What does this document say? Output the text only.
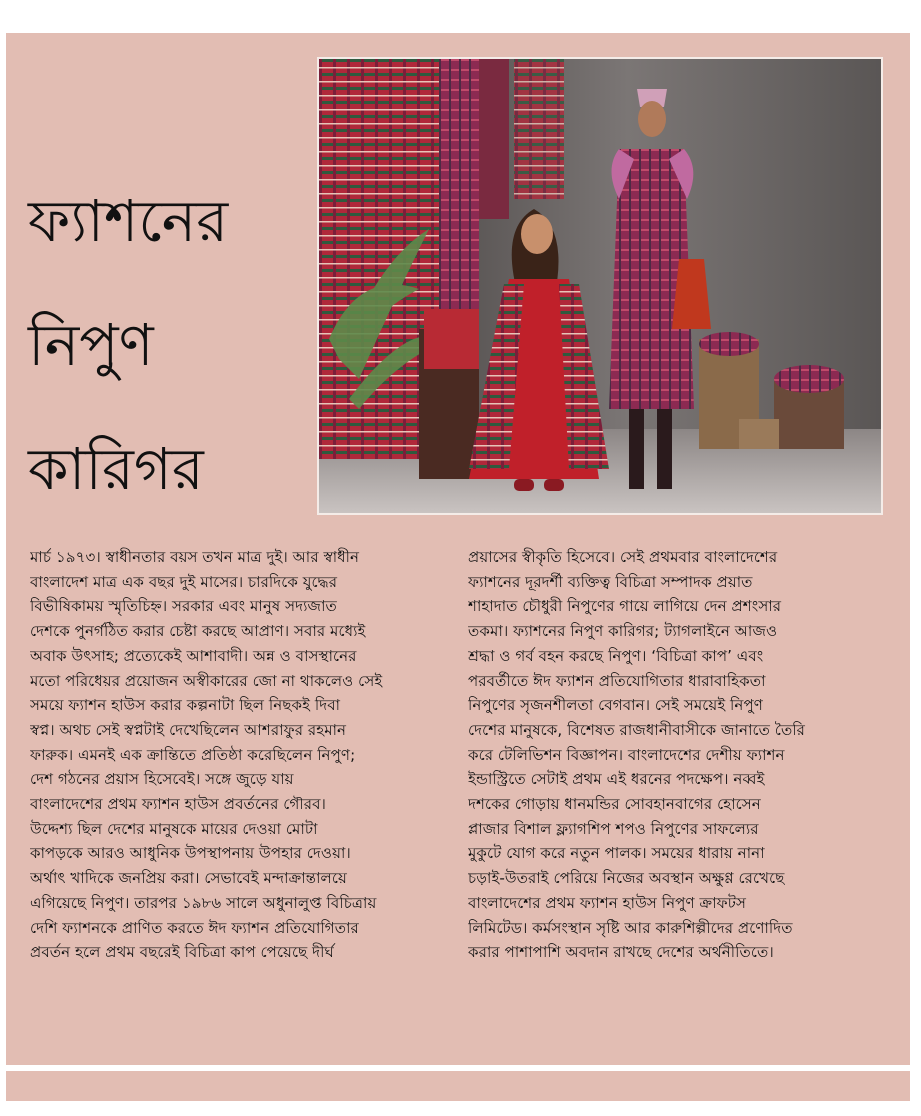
ফ্যাশনের
নিপুণ
কারিগর
মার্চ ১৯৭৩। স্বাধীনতার বয়স তখন মাত্র দুই। আর স্বাধীন
বাংলাদেশ মাত্র এক বছর দুই মাসের। চারদিকে যুদ্ধের
বিভীষিকাময় স্মৃতিচিহ্ন। সরকার এবং মানুষ সদ্যজাত
দেশকে পুনর্গঠিত করার চেষ্টা করছে আপ্রাণ। সবার মধ্যেই
অবাক উৎসাহ; প্রত্যেকেই আশাবাদী। অন্ন ও বাসস্থানের
মতো পরিধেয়র প্রয়োজন অস্বীকারের জো না থাকলেও সেই
সময়ে ফ্যাশন হাউস করার কল্পনাটা ছিল নিছকই দিবা
স্বপ্ন। অথচ সেই স্বপ্নটাই দেখেছিলেন আশরাফুর রহমান
ফারুক। এমনই এক ক্রান্তিতে প্রতিষ্ঠা করেছিলেন নিপুণ;
দেশ গঠনের প্রয়াস হিসেবেই। সঙ্গে জুড়ে যায়
বাংলাদেশের প্রথম ফ্যাশন হাউস প্রবর্তনের গৌরব।
উদ্দেশ্য ছিল দেশের মানুষকে মায়ের দেওয়া মোটা
কাপড়কে আরও আধুনিক উপস্থাপনায় উপহার দেওয়া।
অর্থাৎ খাদিকে জনপ্রিয় করা। সেভাবেই মন্দাক্রান্তালয়ে
এগিয়েছে নিপুণ। তারপর ১৯৮৬ সালে অধুনালুপ্ত বিচিত্রায়
দেশি ফ্যাশনকে প্রাণিত করতে ঈদ ফ্যাশন প্রতিযোগিতার
প্রবর্তন হলে প্রথম বছরেই বিচিত্রা কাপ পেয়েছে দীর্ঘ
প্রয়াসের স্বীকৃতি হিসেবে। সেই প্রথমবার বাংলাদেশের
ফ্যাশনের দূরদর্শী ব্যক্তিত্ব বিচিত্রা সম্পাদক প্রয়াত
শাহাদাত চৌধুরী নিপুণের গায়ে লাগিয়ে দেন প্রশংসার
তকমা। ফ্যাশনের নিপুণ কারিগর; ট্যাগলাইনে আজও
শ্রদ্ধা ও গর্ব বহন করছে নিপুণ। ‘বিচিত্রা কাপ’ এবং
পরবর্তীতে ঈদ ফ্যাশন প্রতিযোগিতার ধারাবাহিকতা
নিপুণের সৃজনশীলতা বেগবান। সেই সময়েই নিপুণ
দেশের মানুষকে, বিশেষত রাজধানীবাসীকে জানাতে তৈরি
করে টেলিভিশন বিজ্ঞাপন। বাংলাদেশের দেশীয় ফ্যাশন
ইন্ডাস্ট্রিতে সেটাই প্রথম এই ধরনের পদক্ষেপ। নব্বই
দশকের গোড়ায় ধানমন্ডির সোবহানবাগের হোসেন
প্লাজার বিশাল ফ্ল্যাগশিপ শপও নিপুণের সাফল্যের
মুকুটে যোগ করে নতুন পালক। সময়ের ধারায় নানা
চড়াই-উতরাই পেরিয়ে নিজের অবস্থান অক্ষুণ্ণ রেখেছে
বাংলাদেশের প্রথম ফ্যাশন হাউস নিপুণ ক্রাফটস
লিমিটেড। কর্মসংস্থান সৃষ্টি আর কারুশিল্পীদের প্রণোদিত
করার পাশাপাশি অবদান রাখছে দেশের অর্থনীতিতে।
